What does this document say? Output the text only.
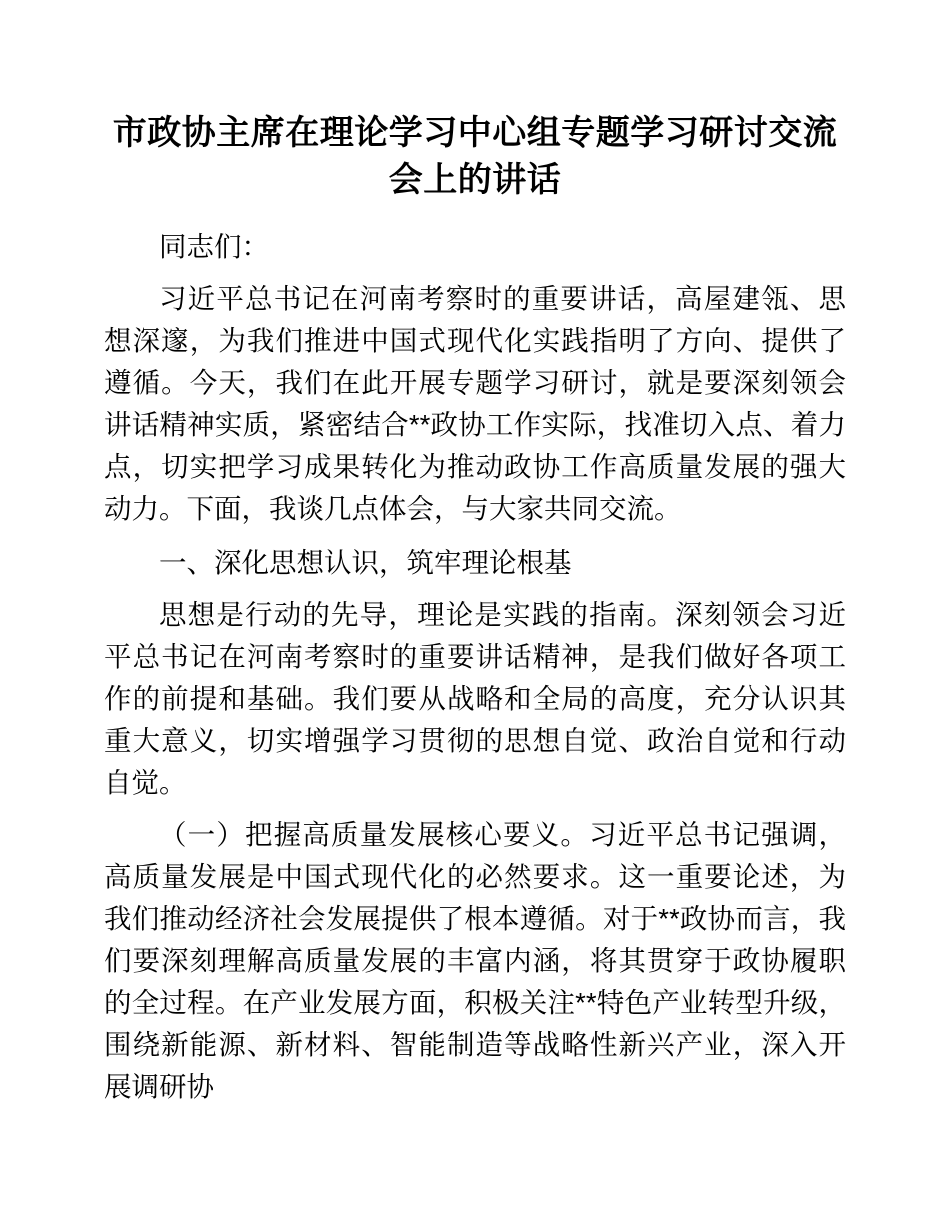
市政协主席在理论学习中心组专题学习研讨交流会上的讲话

同志们：

习近平总书记在河南考察时的重要讲话，高屋建瓴、思想深邃，为我们推进中国式现代化实践指明了方向、提供了遵循。今天，我们在此开展专题学习研讨，就是要深刻领会讲话精神实质，紧密结合**政协工作实际，找准切入点、着力点，切实把学习成果转化为推动政协工作高质量发展的强大动力。下面，我谈几点体会，与大家共同交流。

一、深化思想认识，筑牢理论根基

思想是行动的先导，理论是实践的指南。深刻领会习近平总书记在河南考察时的重要讲话精神，是我们做好各项工作的前提和基础。我们要从战略和全局的高度，充分认识其重大意义，切实增强学习贯彻的思想自觉、政治自觉和行动自觉。

（一）把握高质量发展核心要义。习近平总书记强调，高质量发展是中国式现代化的必然要求。这一重要论述，为我们推动经济社会发展提供了根本遵循。对于**政协而言，我们要深刻理解高质量发展的丰富内涵，将其贯穿于政协履职的全过程。在产业发展方面，积极关注**特色产业转型升级，围绕新能源、新材料、智能制造等战略性新兴产业，深入开展调研协
